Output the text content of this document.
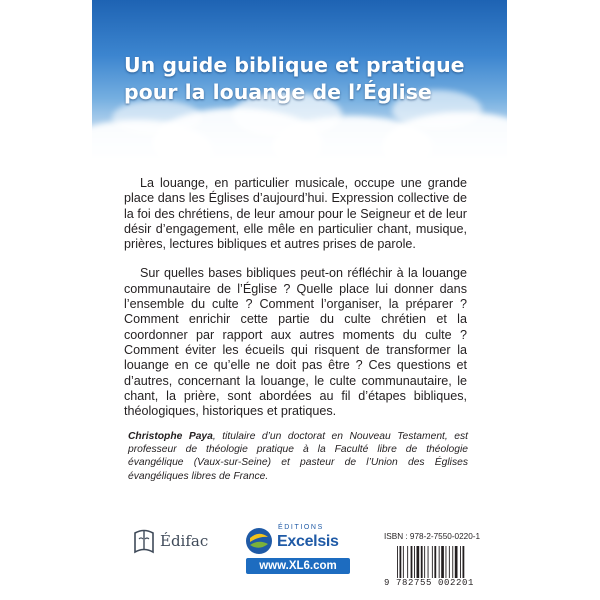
Un guide biblique et pratique
pour la louange de l’Église

La louange, en particulier musicale, occupe une grande place dans les Églises d’aujourd’hui. Expression collective de la foi des chrétiens, de leur amour pour le Seigneur et de leur désir d’engagement, elle mêle en particulier chant, musique, prières, lectures bibliques et autres prises de parole.

Sur quelles bases bibliques peut-on réfléchir à la louange communautaire de l’Église ? Quelle place lui donner dans l’ensemble du culte ? Comment l’organiser, la préparer ? Comment enrichir cette partie du culte chrétien et la coordonner par rapport aux autres moments du culte ? Comment éviter les écueils qui risquent de transformer la louange en ce qu’elle ne doit pas être ? Ces questions et d’autres, concernant la louange, le culte communautaire, le chant, la prière, sont abordées au fil d’étapes bibliques, théologiques, historiques et pratiques.

Christophe Paya, titulaire d’un doctorat en Nouveau Testament, est professeur de théologie pratique à la Faculté libre de théologie évangélique (Vaux-sur-Seine) et pasteur de l’Union des Églises évangéliques libres de France.

Édifac
ÉDITIONS
Excelsis
www.XL6.com
ISBN : 978-2-7550-0220-1
9 782755 002201
